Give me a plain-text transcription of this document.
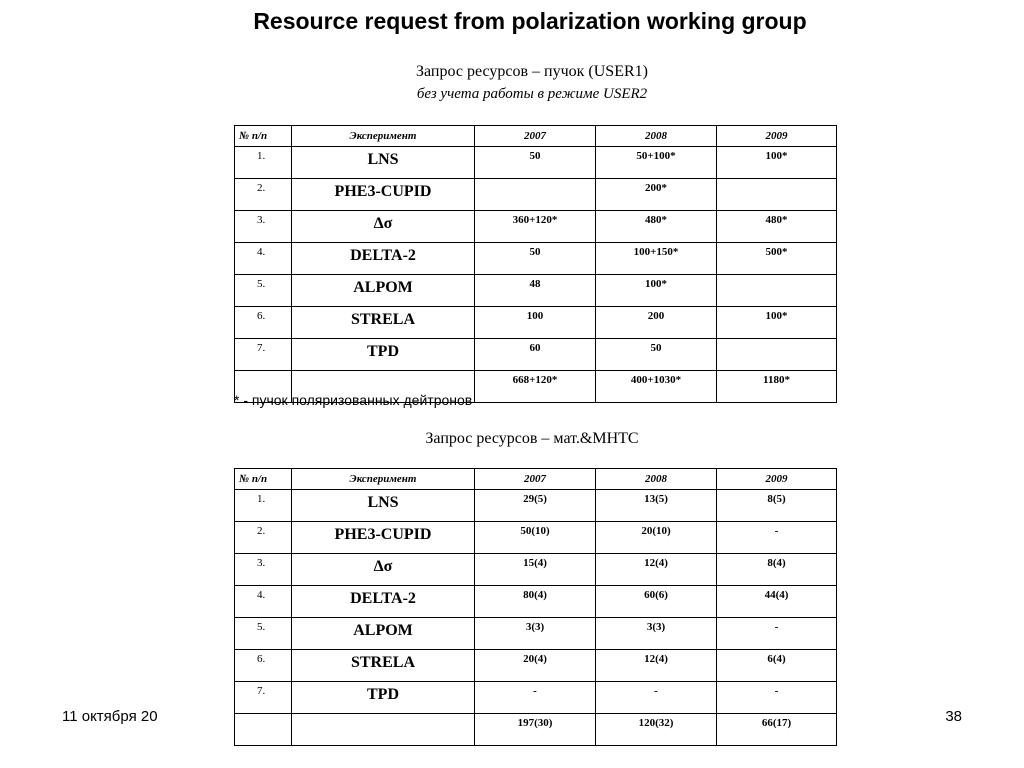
Resource request from polarization working group
Запрос ресурсов – пучок (USER1)
без учета работы в режиме USER2
№ п/п	Эксперимент	2007	2008	2009
1.	LNS	50	50+100*	100*
2.	PHE3-CUPID		200*	
3.	Δσ	360+120*	480*	480*
4.	DELTA-2	50	100+150*	500*
5.	ALPOM	48	100*	
6.	STRELA	100	200	100*
7.	TPD	60	50	
		668+120*	400+1030*	1180*
* - пучок поляризованных дейтронов
Запрос ресурсов – мат.&МНТС
№ п/п	Эксперимент	2007	2008	2009
1.	LNS	29(5)	13(5)	8(5)
2.	PHE3-CUPID	50(10)	20(10)	-
3.	Δσ	15(4)	12(4)	8(4)
4.	DELTA-2	80(4)	60(6)	44(4)
5.	ALPOM	3(3)	3(3)	-
6.	STRELA	20(4)	12(4)	6(4)
7.	TPD	-	-	-
		197(30)	120(32)	66(17)
11 октября 20	38
